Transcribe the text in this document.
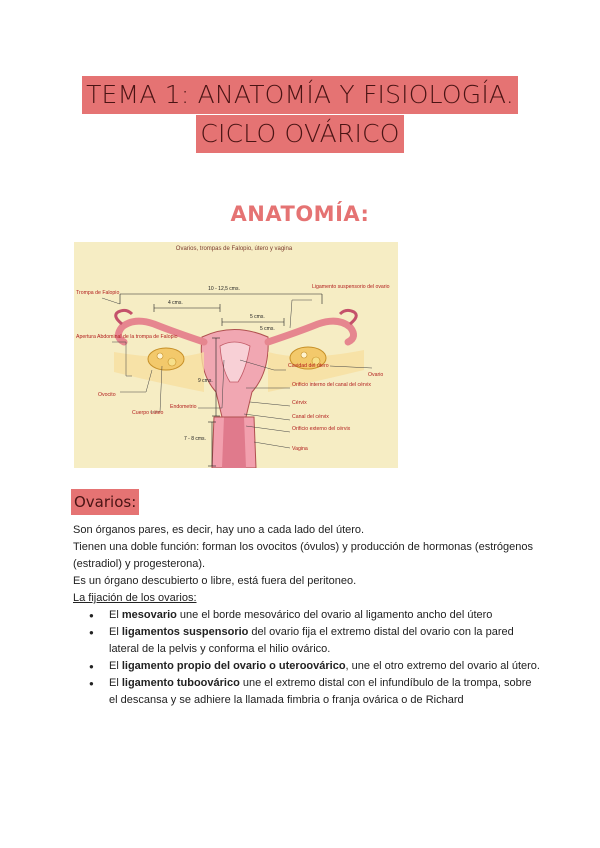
TEMA 1: ANATOMÍA Y FISIOLOGÍA.
CICLO OVÁRICO
ANATOMÍA:
Ovarios, trompas de Falopio, útero y vagina
Trompa de Falopio
Apertura Abdominal de la trompa de Falopio
Ovocito
Cuerpo Lúteo
Endometrio
Ligamento suspensorio del ovario
Cavidad del útero
Ovario
Orificio interno del canal del cérvix
Cérvix
Canal del cérvix
Orificio externo del cérvix
Vagina
10 - 12,5 cms.
4 cms.
5 cms.
5 cms.
9 cms.
7 - 8 cms.
Ovarios:

Son órganos pares, es decir, hay uno a cada lado del útero.

Tienen una doble función: forman los ovocitos (óvulos) y producción de hormonas (estrógenos (estradiol) y progesterona).

Es un órgano descubierto o libre, está fuera del peritoneo.

La fijación de los ovarios:

● El mesovario une el borde mesovárico del ovario al ligamento ancho del útero
● El ligamentos suspensorio del ovario fija el extremo distal del ovario con la pared lateral de la pelvis y conforma el hilio ovárico.
● El ligamento propio del ovario o uteroovárico, une el otro extremo del ovario al útero.
● El ligamento tuboovárico une el extremo distal con el infundíbulo de la trompa, sobre el descansa y se adhiere la llamada fimbria o franja ovárica o de Richard
